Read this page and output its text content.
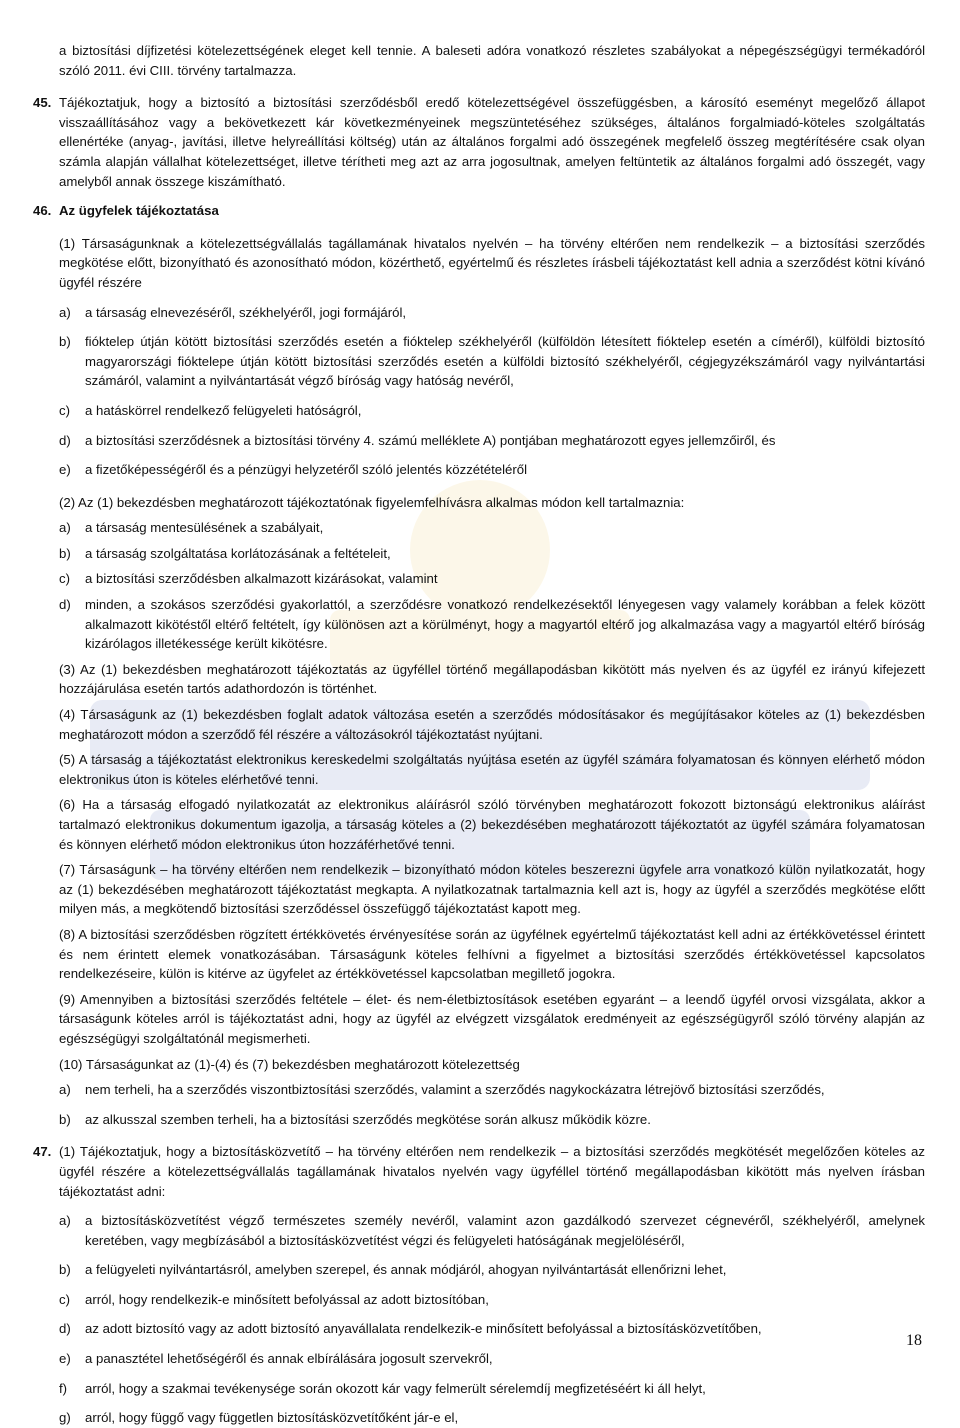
a biztosítási díjfizetési kötelezettségének eleget kell tennie. A baleseti adóra vonatkozó részletes szabályokat a népegészségügyi termékadóról szóló 2011. évi CIII. törvény tartalmazza.

45. Tájékoztatjuk, hogy a biztosító a biztosítási szerződésből eredő kötelezettségével összefüggésben, a károsító eseményt megelőző állapot visszaállításához vagy a bekövetkezett kár következményeinek megszüntetéséhez szükséges, általános forgalmiadó-köteles szolgáltatás ellenértéke (anyag-, javítási, illetve helyreállítási költség) után az általános forgalmi adó összegének megfelelő összeg megtérítésére csak olyan számla alapján vállalhat kötelezettséget, illetve térítheti meg azt az arra jogosultnak, amelyen feltüntetik az általános forgalmi adó összegét, vagy amelyből annak összege kiszámítható.

46. Az ügyfelek tájékoztatása

(1) Társaságunknak a kötelezettségvállalás tagállamának hivatalos nyelvén – ha törvény eltérően nem rendelkezik – a biztosítási szerződés megkötése előtt, bizonyítható és azonosítható módon, közérthető, egyértelmű és részletes írásbeli tájékoztatást kell adnia a szerződést kötni kívánó ügyfél részére

a)	a társaság elnevezéséről, székhelyéről, jogi formájáról,
b)	fióktelep útján kötött biztosítási szerződés esetén a fióktelep székhelyéről (külföldön létesített fióktelep esetén a címéről), külföldi biztosító magyarországi fióktelepe útján kötött biztosítási szerződés esetén a külföldi biztosító székhelyéről, cégjegyzékszámáról vagy nyilvántartási számáról, valamint a nyilvántartását végző bíróság vagy hatóság nevéről,
c)	a hatáskörrel rendelkező felügyeleti hatóságról,
d)	a biztosítási szerződésnek a biztosítási törvény 4. számú melléklete A) pontjában meghatározott egyes jellemzőiről, és
e)	a fizetőképességéről és a pénzügyi helyzetéről szóló jelentés közzétételéről

(2) Az (1) bekezdésben meghatározott tájékoztatónak figyelemfelhívásra alkalmas módon kell tartalmaznia:

a)	a társaság mentesülésének a szabályait,
b)	a társaság szolgáltatása korlátozásának a feltételeit,
c)	a biztosítási szerződésben alkalmazott kizárásokat, valamint
d)	minden, a szokásos szerződési gyakorlattól, a szerződésre vonatkozó rendelkezésektől lényegesen vagy valamely korábban a felek között alkalmazott kikötéstől eltérő feltételt, így különösen azt a körülményt, hogy a magyartól eltérő jog alkalmazása vagy a magyartól eltérő bíróság kizárólagos illetékessége került kikötésre.

(3) Az (1) bekezdésben meghatározott tájékoztatás az ügyféllel történő megállapodásban kikötött más nyelven és az ügyfél ez irányú kifejezett hozzájárulása esetén tartós adathordozón is történhet.

(4) Társaságunk az (1) bekezdésben foglalt adatok változása esetén a szerződés módosításakor és megújításakor köteles az (1) bekezdésben meghatározott módon a szerződő fél részére a változásokról tájékoztatást nyújtani.

(5) A társaság a tájékoztatást elektronikus kereskedelmi szolgáltatás nyújtása esetén az ügyfél számára folyamatosan és könnyen elérhető módon elektronikus úton is köteles elérhetővé tenni.

(6) Ha a társaság elfogadó nyilatkozatát az elektronikus aláírásról szóló törvényben meghatározott fokozott biztonságú elektronikus aláírást tartalmazó elektronikus dokumentum igazolja, a társaság köteles a (2) bekezdésében meghatározott tájékoztatót az ügyfél számára folyamatosan és könnyen elérhető módon elektronikus úton hozzáférhetővé tenni.

(7) Társaságunk – ha törvény eltérően nem rendelkezik – bizonyítható módon köteles beszerezni ügyfele arra vonatkozó külön nyilatkozatát, hogy az (1) bekezdésében meghatározott tájékoztatást megkapta. A nyilatkozatnak tartalmaznia kell azt is, hogy az ügyfél a szerződés megkötése előtt milyen más, a megkötendő biztosítási szerződéssel összefüggő tájékoztatást kapott meg.

(8) A biztosítási szerződésben rögzített értékkövetés érvényesítése során az ügyfélnek egyértelmű tájékoztatást kell adni az értékkövetéssel érintett és nem érintett elemek vonatkozásában. Társaságunk köteles felhívni a figyelmet a biztosítási szerződés értékkövetéssel kapcsolatos rendelkezéseire, külön is kitérve az ügyfelet az értékkövetéssel kapcsolatban megillető jogokra.

(9) Amennyiben a biztosítási szerződés feltétele – élet- és nem-életbiztosítások esetében egyaránt – a leendő ügyfél orvosi vizsgálata, akkor a társaságunk köteles arról is tájékoztatást adni, hogy az ügyfél az elvégzett vizsgálatok eredményeit az egészségügyről szóló törvény alapján az egészségügyi szolgáltatónál megismerheti.

(10) Társaságunkat az (1)-(4) és (7) bekezdésben meghatározott kötelezettség

a)	nem terheli, ha a szerződés viszontbiztosítási szerződés, valamint a szerződés nagykockázatra létrejövő biztosítási szerződés,
b)	az alkusszal szemben terheli, ha a biztosítási szerződés megkötése során alkusz működik közre.
47. (1) Tájékoztatjuk, hogy a biztosításközvetítő – ha törvény eltérően nem rendelkezik – a biztosítási szerződés megkötését megelőzően köteles az ügyfél részére a kötelezettségvállalás tagállamának hivatalos nyelvén vagy ügyféllel történő megállapodásban kikötött más nyelven írásban tájékoztatást adni:

a)	a biztosításközvetítést végző természetes személy nevéről, valamint azon gazdálkodó szervezet cégnevéről, székhelyéről, amelynek keretében, vagy megbízásából a biztosításközvetítést végzi és felügyeleti hatóságának megjelöléséről,
b)	a felügyeleti nyilvántartásról, amelyben szerepel, és annak módjáról, ahogyan nyilvántartását ellenőrizni lehet,
c)	arról, hogy rendelkezik-e minősített befolyással az adott biztosítóban,
d)	az adott biztosító vagy az adott biztosító anyavállalata rendelkezik-e minősített befolyással a biztosításközvetítőben,
e)	a panasztétel lehetőségéről és annak elbírálására jogosult szervekről,
f)	arról, hogy a szakmai tevékenysége során okozott kár vagy felmerült sérelemdíj megfizetéséért ki áll helyt,
g)	arról, hogy függő vagy független biztosításközvetítőként jár-e el,
18
